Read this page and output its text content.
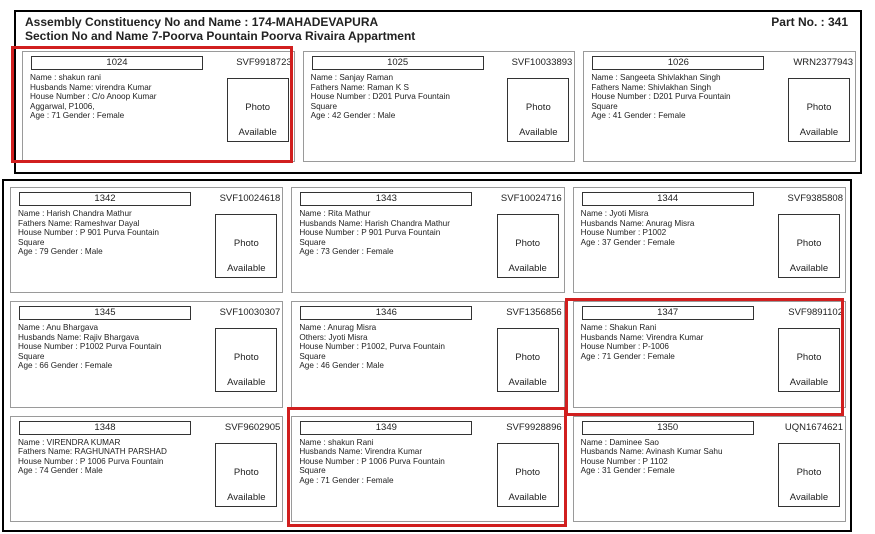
Assembly Constituency No and Name : 174-MAHADEVAPURA
Section No and Name 7-Poorva Pountain Poorva Rivaira Appartment
Part No. : 341
1024	SVF9918723
Name : shakun rani
Husbands Name: virendra Kumar
House Number : C/o Anoop Kumar
Aggarwal, P1006,
Age : 71 Gender : Female
Photo
Available
1025	SVF10033893
Name : Sanjay Raman
Fathers Name: Raman K S
House Number : D201 Purva Fountain
Square
Age : 42 Gender : Male
Photo
Available
1026	WRN2377943
Name : Sangeeta Shivlakhan Singh
Fathers Name: Shivlakhan Singh
House Number : D201 Purva Fountain
Square
Age : 41 Gender : Female
Photo
Available
1342	SVF10024618
Name : Harish Chandra Mathur
Fathers Name: Rameshvar Dayal
House Number : P 901 Purva Fountain
Square
Age : 79 Gender : Male
Photo
Available
1343	SVF10024716
Name : Rita Mathur
Husbands Name: Harish Chandra Mathur
House Number : P 901 Purva Fountain
Square
Age : 73 Gender : Female
Photo
Available
1344	SVF9385808
Name : Jyoti Misra
Husbands Name: Anurag Misra
House Number : P1002
Age : 37 Gender : Female	Photo
Available
1345	SVF10030307
Name : Anu Bhargava
Husbands Name: Rajiv Bhargava
House Number : P1002 Purva Fountain
Square
Age : 66 Gender : Female
Photo
Available
1346	SVF1356856
Name : Anurag Misra
Others: Jyoti Misra
House Number : P1002, Purva Fountain
Square
Age : 46 Gender : Male
Photo
Available
1347	SVF9891102
Name : Shakun Rani
Husbands Name: Virendra Kumar
House Number : P-1006
Age : 71 Gender : Female	Photo
Available
1348	SVF9602905
Name : VIRENDRA KUMAR
Fathers Name: RAGHUNATH PARSHAD
House Number : P 1006 Purva Fountain
Age : 74 Gender : Male	Photo
Available
1349	SVF9928896
Name : shakun Rani
Husbands Name: Virendra Kumar
House Number : P 1006 Purva Fountain
Square
Age : 71 Gender : Female
Photo
Available
1350	UQN1674621
Name : Daminee Sao
Husbands Name: Avinash Kumar Sahu
House Number : P 1102
Age : 31 Gender : Female	Photo
Available
